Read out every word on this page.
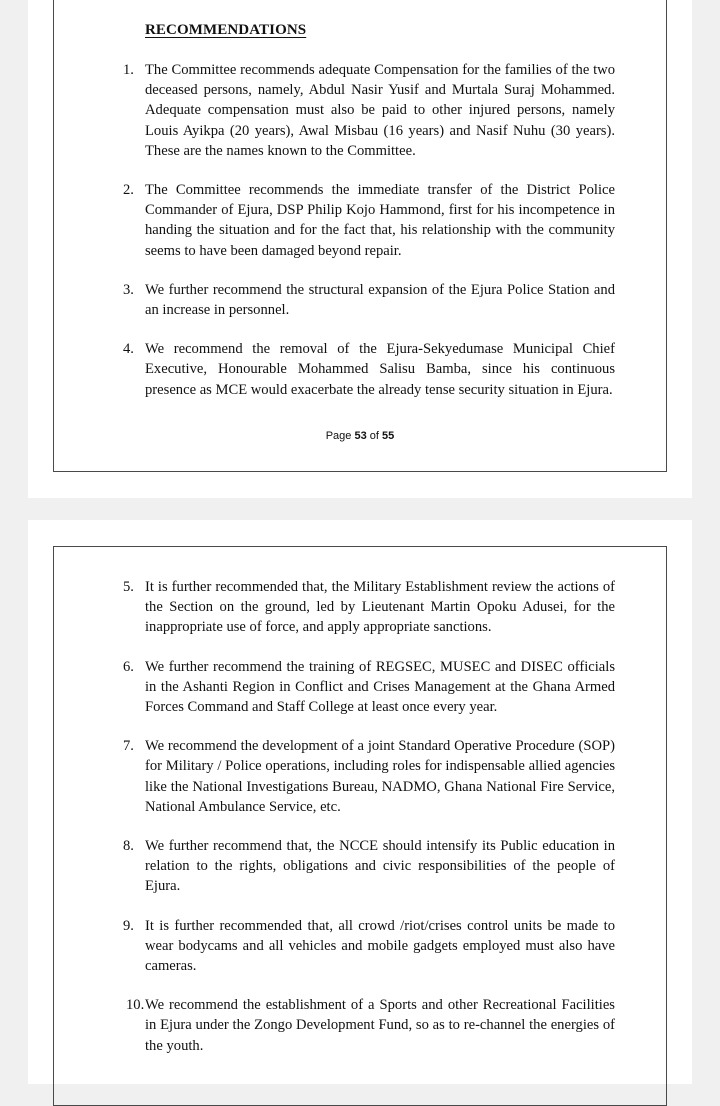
RECOMMENDATIONS
1. The Committee recommends adequate Compensation for the families of the two deceased persons, namely, Abdul Nasir Yusif and Murtala Suraj Mohammed. Adequate compensation must also be paid to other injured persons, namely Louis Ayikpa (20 years), Awal Misbau (16 years) and Nasif Nuhu (30 years). These are the names known to the Committee.
2. The Committee recommends the immediate transfer of the District Police Commander of Ejura, DSP Philip Kojo Hammond, first for his incompetence in handing the situation and for the fact that, his relationship with the community seems to have been damaged beyond repair.
3. We further recommend the structural expansion of the Ejura Police Station and an increase in personnel.
4. We recommend the removal of the Ejura-Sekyedumase Municipal Chief Executive, Honourable Mohammed Salisu Bamba, since his continuous presence as MCE would exacerbate the already tense security situation in Ejura.
Page 53 of 55
5. It is further recommended that, the Military Establishment review the actions of the Section on the ground, led by Lieutenant Martin Opoku Adusei, for the inappropriate use of force, and apply appropriate sanctions.
6. We further recommend the training of REGSEC, MUSEC and DISEC officials in the Ashanti Region in Conflict and Crises Management at the Ghana Armed Forces Command and Staff College at least once every year.
7. We recommend the development of a joint Standard Operative Procedure (SOP) for Military / Police operations, including roles for indispensable allied agencies like the National Investigations Bureau, NADMO, Ghana National Fire Service, National Ambulance Service, etc.
8. We further recommend that, the NCCE should intensify its Public education in relation to the rights, obligations and civic responsibilities of the people of Ejura.
9. It is further recommended that, all crowd /riot/crises control units be made to wear bodycams and all vehicles and mobile gadgets employed must also have cameras.
10. We recommend the establishment of a Sports and other Recreational Facilities in Ejura under the Zongo Development Fund, so as to re-channel the energies of the youth.
